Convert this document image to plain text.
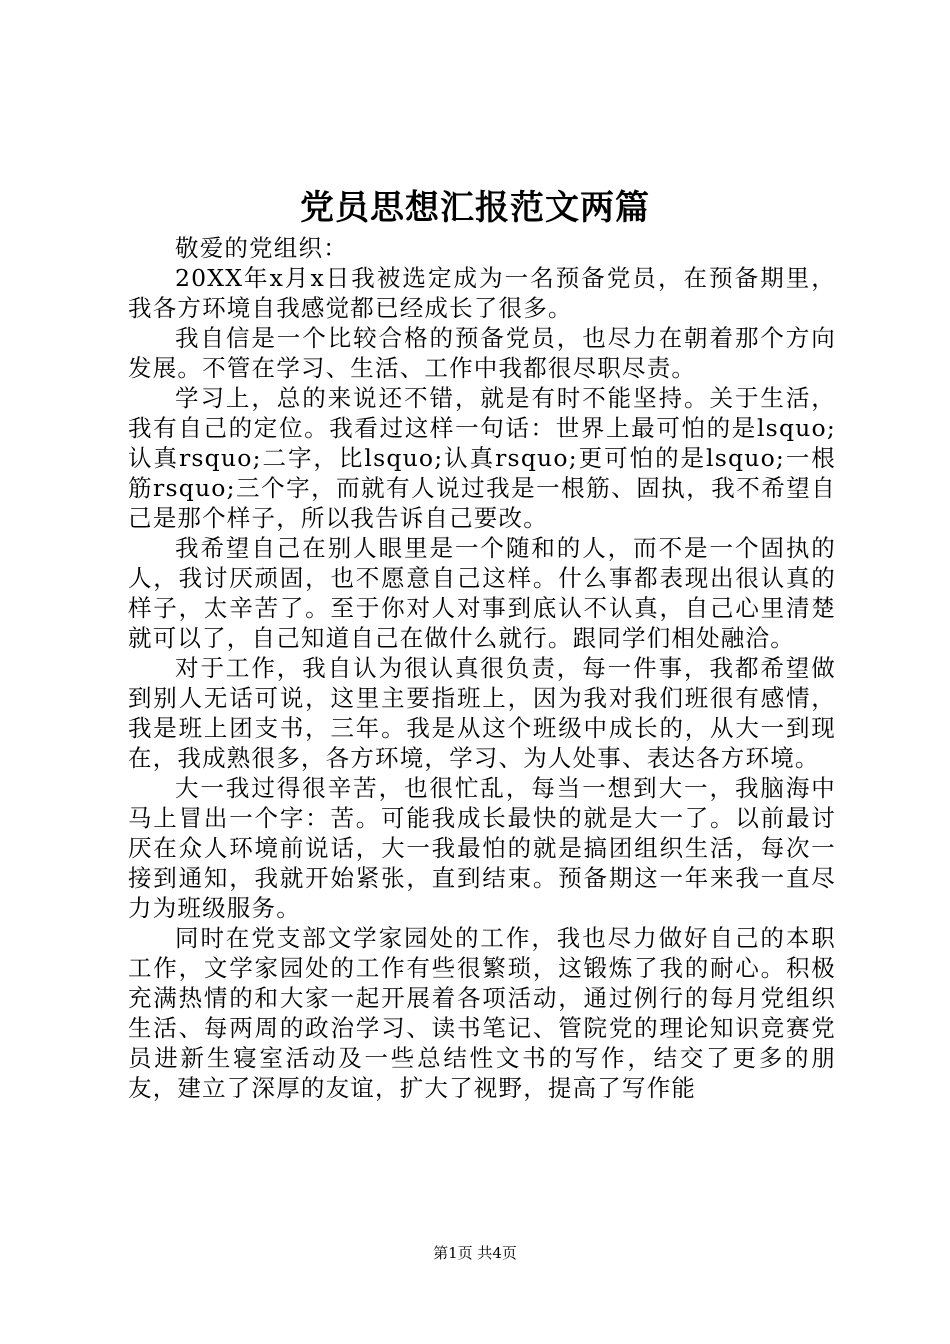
党员思想汇报范文两篇

敬爱的党组织：

20XX年x月x日我被选定成为一名预备党员，在预备期里，我各方环境自我感觉都已经成长了很多。

我自信是一个比较合格的预备党员，也尽力在朝着那个方向发展。不管在学习、生活、工作中我都很尽职尽责。

学习上，总的来说还不错，就是有时不能坚持。关于生活，我有自己的定位。我看过这样一句话：世界上最可怕的是lsquo;认真rsquo;二字，比lsquo;认真rsquo;更可怕的是lsquo;一根筋rsquo;三个字，而就有人说过我是一根筋、固执，我不希望自己是那个样子，所以我告诉自己要改。

我希望自己在别人眼里是一个随和的人，而不是一个固执的人，我讨厌顽固，也不愿意自己这样。什么事都表现出很认真的样子，太辛苦了。至于你对人对事到底认不认真，自己心里清楚就可以了，自己知道自己在做什么就行。跟同学们相处融洽。

对于工作，我自认为很认真很负责，每一件事，我都希望做到别人无话可说，这里主要指班上，因为我对我们班很有感情，我是班上团支书，三年。我是从这个班级中成长的，从大一到现在，我成熟很多，各方环境，学习、为人处事、表达各方环境。

大一我过得很辛苦，也很忙乱，每当一想到大一，我脑海中马上冒出一个字：苦。可能我成长最快的就是大一了。以前最讨厌在众人环境前说话，大一我最怕的就是搞团组织生活，每次一接到通知，我就开始紧张，直到结束。预备期这一年来我一直尽力为班级服务。

同时在党支部文学家园处的工作，我也尽力做好自己的本职工作，文学家园处的工作有些很繁琐，这锻炼了我的耐心。积极充满热情的和大家一起开展着各项活动，通过例行的每月党组织生活、每两周的政治学习、读书笔记、管院党的理论知识竞赛党员进新生寝室活动及一些总结性文书的写作，结交了更多的朋友，建立了深厚的友谊，扩大了视野，提高了写作能

第1页 共4页
